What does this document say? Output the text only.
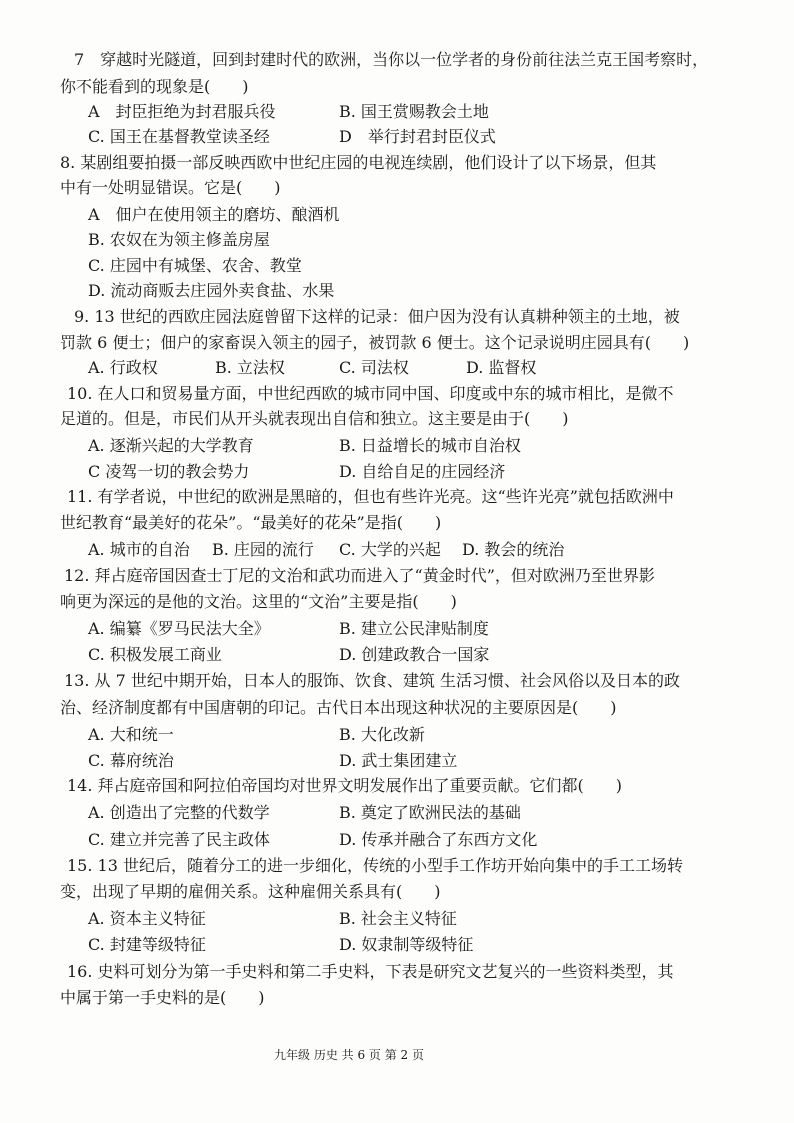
7　穿越时光隧道，回到封建时代的欧洲，当你以一位学者的身份前往法兰克王国考察时，
你不能看到的现象是(　　)
A　封臣拒绝为封君服兵役	B. 国王赏赐教会土地
C. 国王在基督教堂读圣经	D　举行封君封臣仪式
8. 某剧组要拍摄一部反映西欧中世纪庄园的电视连续剧，他们设计了以下场景，但其
中有一处明显错误。它是(　　)
A　佃户在使用领主的磨坊、酿酒机
B. 农奴在为领主修盖房屋
C. 庄园中有城堡、农舍、教堂
D. 流动商贩去庄园外卖食盐、水果
9. 13 世纪的西欧庄园法庭曾留下这样的记录：佃户因为没有认真耕种领主的土地，被
罚款 6 便士；佃户的家畜误入领主的园子，被罚款 6 便士。这个记录说明庄园具有(　　)
A. 行政权	B. 立法权	C. 司法权	D. 监督权
10. 在人口和贸易量方面，中世纪西欧的城市同中国、印度或中东的城市相比，是微不
足道的。但是，市民们从开头就表现出自信和独立。这主要是由于(　　)
A. 逐渐兴起的大学教育	B. 日益增长的城市自治权
C 凌驾一切的教会势力	D. 自给自足的庄园经济
11. 有学者说，中世纪的欧洲是黑暗的，但也有些许光亮。这“些许光亮”就包括欧洲中
世纪教育“最美好的花朵”。“最美好的花朵”是指(　　)
A. 城市的自治 B. 庄园的流行 C. 大学的兴起 D. 教会的统治
12. 拜占庭帝国因查士丁尼的文治和武功而进入了“黄金时代”，但对欧洲乃至世界影
响更为深远的是他的文治。这里的“文治”主要是指(　　)
A. 编纂《罗马民法大全》	B. 建立公民津贴制度
C. 积极发展工商业	D. 创建政教合一国家
13. 从 7 世纪中期开始，日本人的服饰、饮食、建筑 生活习惯、社会风俗以及日本的政
治、经济制度都有中国唐朝的印记。古代日本出现这种状况的主要原因是(　　)
A. 大和统一	B. 大化改新
C. 幕府统治	D. 武士集团建立
14. 拜占庭帝国和阿拉伯帝国均对世界文明发展作出了重要贡献。它们都(　　)
A. 创造出了完整的代数学	B. 奠定了欧洲民法的基础
C. 建立并完善了民主政体	D. 传承并融合了东西方文化
15. 13 世纪后，随着分工的进一步细化，传统的小型手工作坊开始向集中的手工工场转
变，出现了早期的雇佣关系。这种雇佣关系具有(　　)
A. 资本主义特征	B. 社会主义特征
C. 封建等级特征	D. 奴隶制等级特征
16. 史料可划分为第一手史料和第二手史料，下表是研究文艺复兴的一些资料类型，其
中属于第一手史料的是(　　)
九年级 历史 共 6 页 第 2 页
